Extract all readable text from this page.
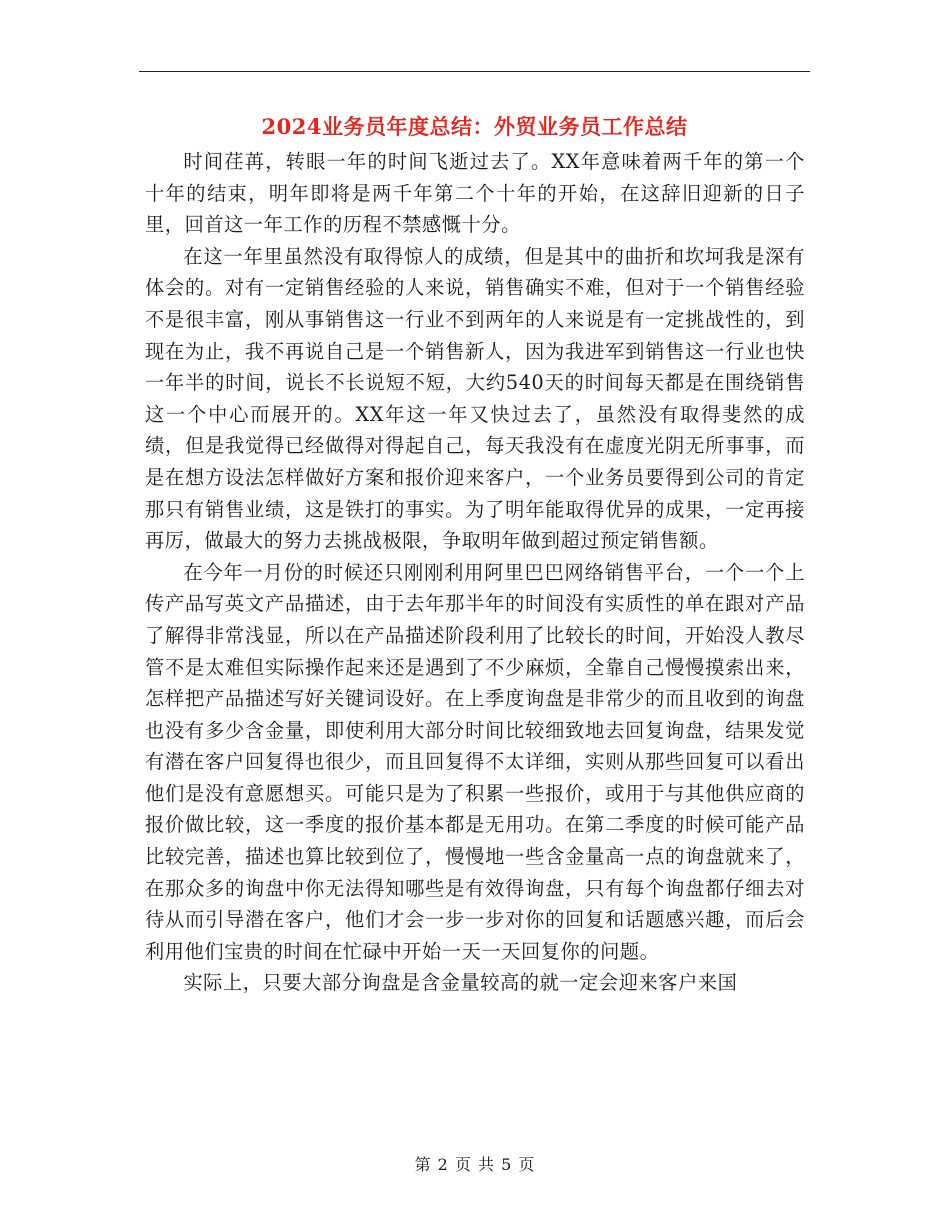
2024业务员年度总结：外贸业务员工作总结

时间荏苒，转眼一年的时间飞逝过去了。XX年意味着两千年的第一个十年的结束，明年即将是两千年第二个十年的开始，在这辞旧迎新的日子里，回首这一年工作的历程不禁感慨十分。

在这一年里虽然没有取得惊人的成绩，但是其中的曲折和坎坷我是深有体会的。对有一定销售经验的人来说，销售确实不难，但对于一个销售经验不是很丰富，刚从事销售这一行业不到两年的人来说是有一定挑战性的，到现在为止，我不再说自己是一个销售新人，因为我进军到销售这一行业也快一年半的时间，说长不长说短不短，大约540天的时间每天都是在围绕销售这一个中心而展开的。XX年这一年又快过去了，虽然没有取得斐然的成绩，但是我觉得已经做得对得起自己，每天我没有在虚度光阴无所事事，而是在想方设法怎样做好方案和报价迎来客户，一个业务员要得到公司的肯定那只有销售业绩，这是铁打的事实。为了明年能取得优异的成果，一定再接再厉，做最大的努力去挑战极限，争取明年做到超过预定销售额。

在今年一月份的时候还只刚刚利用阿里巴巴网络销售平台，一个一个上传产品写英文产品描述，由于去年那半年的时间没有实质性的单在跟对产品了解得非常浅显，所以在产品描述阶段利用了比较长的时间，开始没人教尽管不是太难但实际操作起来还是遇到了不少麻烦，全靠自己慢慢摸索出来，怎样把产品描述写好关键词设好。在上季度询盘是非常少的而且收到的询盘也没有多少含金量，即使利用大部分时间比较细致地去回复询盘，结果发觉有潜在客户回复得也很少，而且回复得不太详细，实则从那些回复可以看出他们是没有意愿想买。可能只是为了积累一些报价，或用于与其他供应商的报价做比较，这一季度的报价基本都是无用功。在第二季度的时候可能产品比较完善，描述也算比较到位了，慢慢地一些含金量高一点的询盘就来了，在那众多的询盘中你无法得知哪些是有效得询盘，只有每个询盘都仔细去对待从而引导潜在客户，他们才会一步一步对你的回复和话题感兴趣，而后会利用他们宝贵的时间在忙碌中开始一天一天回复你的问题。

实际上，只要大部分询盘是含金量较高的就一定会迎来客户来国

第 2 页 共 5 页
